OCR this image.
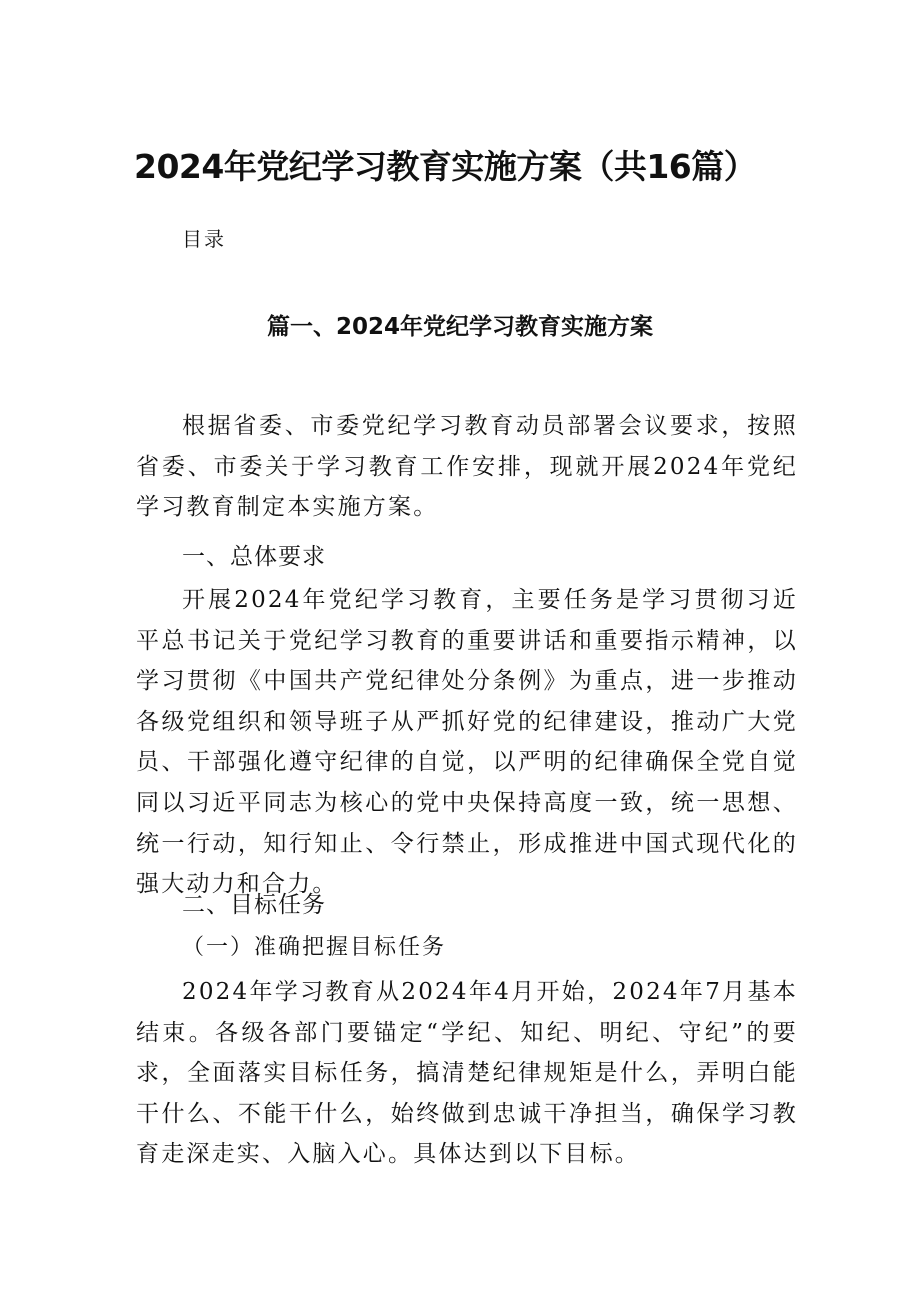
2024年党纪学习教育实施方案（共16篇）
目录
篇一、2024年党纪学习教育实施方案

根据省委、市委党纪学习教育动员部署会议要求，按照省委、市委关于学习教育工作安排，现就开展2024年党纪学习教育制定本实施方案。

一、总体要求

开展2024年党纪学习教育，主要任务是学习贯彻习近平总书记关于党纪学习教育的重要讲话和重要指示精神，以学习贯彻《中国共产党纪律处分条例》为重点，进一步推动各级党组织和领导班子从严抓好党的纪律建设，推动广大党员、干部强化遵守纪律的自觉，以严明的纪律确保全党自觉同以习近平同志为核心的党中央保持高度一致，统一思想、统一行动，知行知止、令行禁止，形成推进中国式现代化的强大动力和合力。

二、目标任务
（一）准确把握目标任务

2024年学习教育从2024年4月开始，2024年7月基本结束。各级各部门要锚定“学纪、知纪、明纪、守纪”的要求，全面落实目标任务，搞清楚纪律规矩是什么，弄明白能干什么、不能干什么，始终做到忠诚干净担当，确保学习教育走深走实、入脑入心。具体达到以下目标。
